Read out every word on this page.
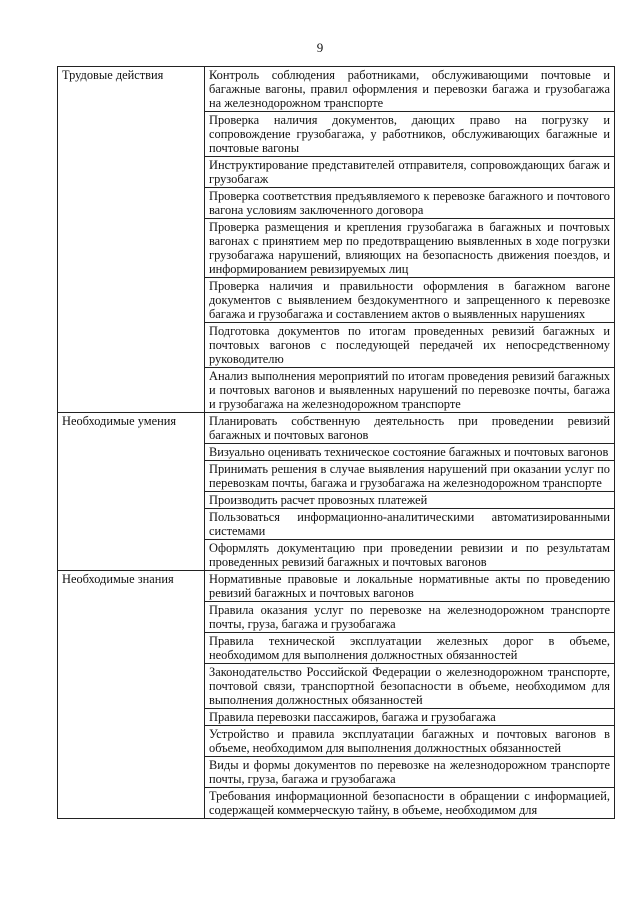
9
Трудовые действия	Контроль соблюдения работниками, обслуживающими почтовые и багажные вагоны, правил оформления и перевозки багажа и грузобагажа на железнодорожном транспорте
	Проверка наличия документов, дающих право на погрузку и сопровождение грузобагажа, у работников, обслуживающих багажные и почтовые вагоны
	Инструктирование представителей отправителя, сопровождающих багаж и грузобагаж
	Проверка соответствия предъявляемого к перевозке багажного и почтового вагона условиям заключенного договора
	Проверка размещения и крепления грузобагажа в багажных и почтовых вагонах с принятием мер по предотвращению выявленных в ходе погрузки грузобагажа нарушений, влияющих на безопасность движения поездов, и информированием ревизируемых лиц
	Проверка наличия и правильности оформления в багажном вагоне документов с выявлением бездокументного и запрещенного к перевозке багажа и грузобагажа и составлением актов о выявленных нарушениях
	Подготовка документов по итогам проведенных ревизий багажных и почтовых вагонов с последующей передачей их непосредственному руководителю
	Анализ выполнения мероприятий по итогам проведения ревизий багажных и почтовых вагонов и выявленных нарушений по перевозке почты, багажа и грузобагажа на железнодорожном транспорте
Необходимые умения	Планировать собственную деятельность при проведении ревизий багажных и почтовых вагонов
	Визуально оценивать техническое состояние багажных и почтовых вагонов
	Принимать решения в случае выявления нарушений при оказании услуг по перевозкам почты, багажа и грузобагажа на железнодорожном транспорте
	Производить расчет провозных платежей
	Пользоваться информационно-аналитическими автоматизированными системами
	Оформлять документацию при проведении ревизии и по результатам проведенных ревизий багажных и почтовых вагонов
Необходимые знания	Нормативные правовые и локальные нормативные акты по проведению ревизий багажных и почтовых вагонов
	Правила оказания услуг по перевозке на железнодорожном транспорте почты, груза, багажа и грузобагажа
	Правила технической эксплуатации железных дорог в объеме, необходимом для выполнения должностных обязанностей
	Законодательство Российской Федерации о железнодорожном транспорте, почтовой связи, транспортной безопасности в объеме, необходимом для выполнения должностных обязанностей
	Правила перевозки пассажиров, багажа и грузобагажа
	Устройство и правила эксплуатации багажных и почтовых вагонов в объеме, необходимом для выполнения должностных обязанностей
	Виды и формы документов по перевозке на железнодорожном транспорте почты, груза, багажа и грузобагажа
	Требования информационной безопасности в обращении с информацией, содержащей коммерческую тайну, в объеме, необходимом для
